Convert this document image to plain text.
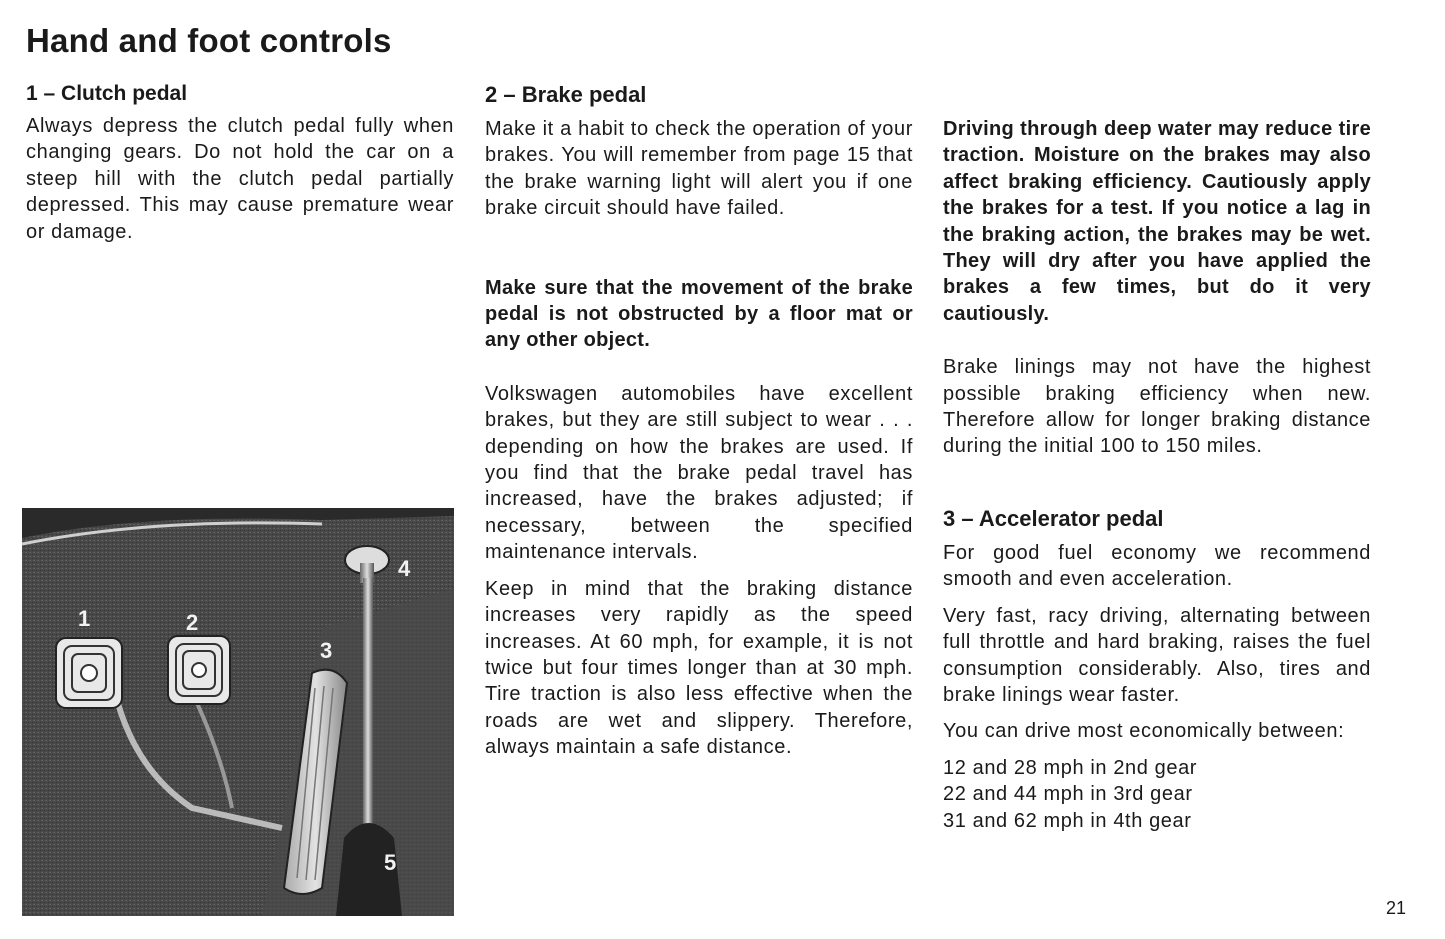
Hand and foot controls
1 – Clutch pedal

Always depress the clutch pedal fully when changing gears. Do not hold the car on a steep hill with the clutch pedal partially depressed. This may cause premature wear or damage.

1	2
3
4
5
2 – Brake pedal

Make it a habit to check the operation of your brakes. You will remember from page 15 that the brake warning light will alert you if one brake circuit should have failed.

Make sure that the movement of the brake pedal is not obstructed by a floor mat or any other object.

Volkswagen automobiles have excellent brakes, but they are still subject to wear . . . depending on how the brakes are used. If you find that the brake pedal travel has increased, have the brakes adjusted; if necessary, between the specified maintenance intervals.

Keep in mind that the braking distance increases very rapidly as the speed increases. At 60 mph, for example, it is not twice but four times longer than at 30 mph. Tire traction is also less effective when the roads are wet and slippery. Therefore, always maintain a safe distance.

Driving through deep water may reduce tire traction. Moisture on the brakes may also affect braking efficiency. Cautiously apply the brakes for a test. If you notice a lag in the braking action, the brakes may be wet. They will dry after you have applied the brakes a few times, but do it very cautiously.

Brake linings may not have the highest possible braking efficiency when new. Therefore allow for longer braking distance during the initial 100 to 150 miles.

3 – Accelerator pedal

For good fuel economy we recommend smooth and even acceleration.

Very fast, racy driving, alternating between full throttle and hard braking, raises the fuel consumption considerably. Also, tires and brake linings wear faster.

You can drive most economically between:

12 and 28 mph in 2nd gear

22 and 44 mph in 3rd gear

31 and 62 mph in 4th gear

21
